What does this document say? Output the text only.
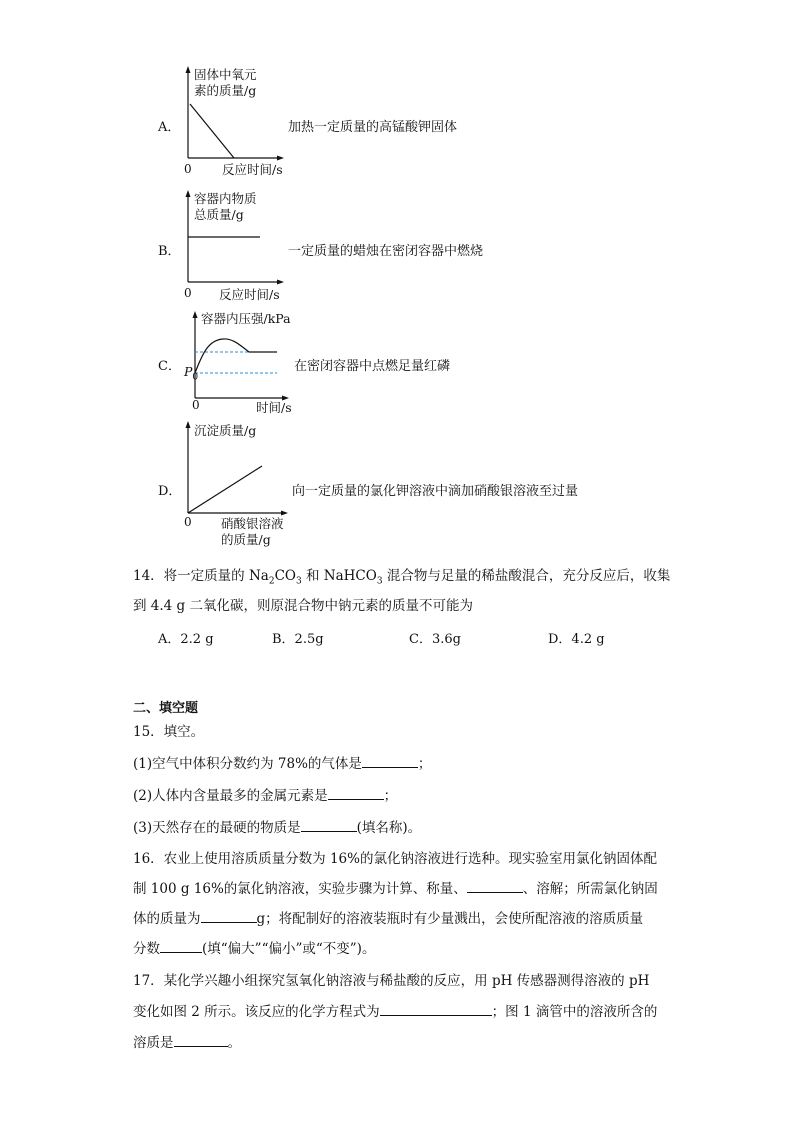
A．
固体中氧元
素的质量/g
0 反应时间/s
加热一定质量的高锰酸钾固体
B．
容器内物质
总质量/g
0 反应时间/s
一定质量的蜡烛在密闭容器中燃烧
C．
容器内压强/kPa
$P_0$
0	时间/s
在密闭容器中点燃足量红磷
D．
沉淀质量/g
0 硝酸银溶液
的质量/g
向一定质量的氯化钾溶液中滴加硝酸银溶液至过量
14．将一定质量的 $Na_2CO_3$ 和 NaHCO$_3$ 混合物与足量的稀盐酸混合，充分反应后，收集
到 4.4 g 二氧化碳，则原混合物中钠元素的质量不可能为
A．2.2 g	B．2.5g	C．3.6g	D．4.2 g
二、填空题
15．填空。
(1)空气中体积分数约为 78%的气体是	；
(2)人体内含量最多的金属元素是	；
(3)天然存在的最硬的物质是	(填名称)。
16．农业上使用溶质质量分数为 16%的氯化钠溶液进行选种。现实验室用氯化钠固体配
制 100 g 16%的氯化钠溶液，实验步骤为计算、称量、	、溶解；所需氯化钠固
体的质量为	g；将配制好的溶液装瓶时有少量溅出，会使所配溶液的溶质质量
分数	(填“偏大”“偏小”或“不变”)。
17．某化学兴趣小组探究氢氧化钠溶液与稀盐酸的反应，用 pH 传感器测得溶液的 pH
变化如图 2 所示。该反应的化学方程式为	；图 1 滴管中的溶液所含的
溶质是	。
